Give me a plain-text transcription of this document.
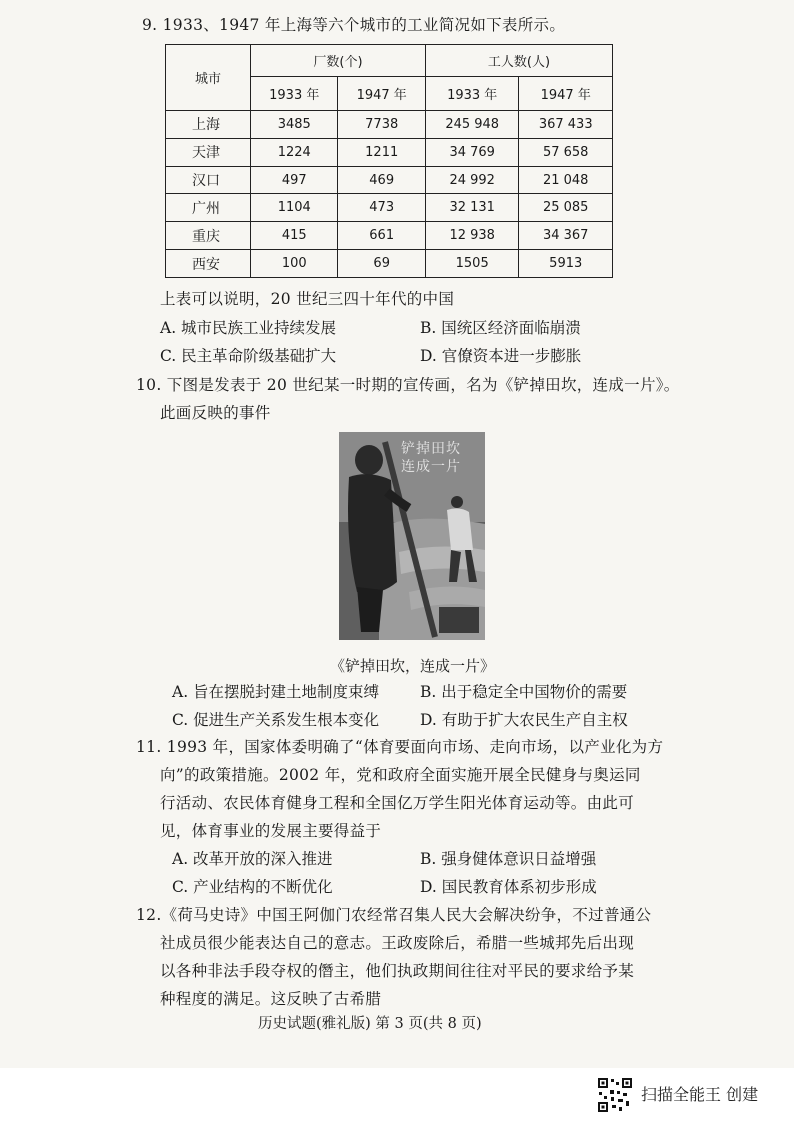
9. 1933、1947 年上海等六个城市的工业简况如下表所示。
城市	厂数(个)		工人数(人)	
	1933 年	1947 年	1933 年	1947 年
上海	3485	7738	245 948	367 433
天津	1224	1211	34 769	57 658
汉口	497	469	24 992	21 048
广州	1104	473	32 131	25 085
重庆	415	661	12 938	34 367
西安	100	69	1505	5913
上表可以说明，20 世纪三四十年代的中国
A. 城市民族工业持续发展	B. 国统区经济面临崩溃
C. 民主革命阶级基础扩大	D. 官僚资本进一步膨胀
10. 下图是发表于 20 世纪某一时期的宣传画，名为《铲掉田坎，连成一片》。
此画反映的事件
铲掉田坎 连成一片
《铲掉田坎，连成一片》
A. 旨在摆脱封建土地制度束缚	B. 出于稳定全中国物价的需要
C. 促进生产关系发生根本变化	D. 有助于扩大农民生产自主权
11. 1993 年，国家体委明确了“体育要面向市场、走向市场，以产业化为方
向”的政策措施。2002 年，党和政府全面实施开展全民健身与奥运同
行活动、农民体育健身工程和全国亿万学生阳光体育运动等。由此可
见，体育事业的发展主要得益于
A. 改革开放的深入推进	B. 强身健体意识日益增强
C. 产业结构的不断优化	D. 国民教育体系初步形成
12.《荷马史诗》中国王阿伽门农经常召集人民大会解决纷争，不过普通公
社成员很少能表达自己的意志。王政废除后，希腊一些城邦先后出现
以各种非法手段夺权的僭主，他们执政期间往往对平民的要求给予某
种程度的满足。这反映了古希腊
历史试题(雅礼版) 第 3 页(共 8 页)
扫描全能王 创建
